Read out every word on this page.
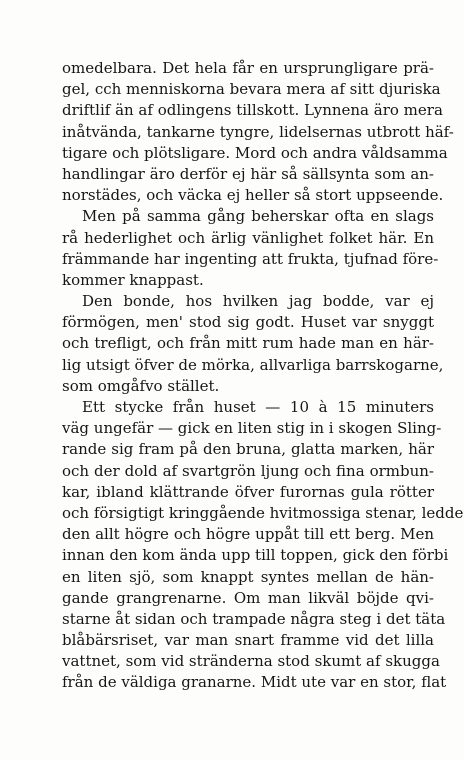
omedelbara. Det hela får en ursprungligare prä-
gel, cch menniskorna bevara mera af sitt djuriska
driftlif än af odlingens tillskott. Lynnena äro mera
inåtvända, tankarne tyngre, lidelsernas utbrott häf-
tigare och plötsligare. Mord och andra våldsamma
handlingar äro derför ej här så sällsynta som an-
norstädes, och väcka ej heller så stort uppseende.
Men på samma gång beherskar ofta en slags
rå hederlighet och ärlig vänlighet folket här. En
främmande har ingenting att frukta, tjufnad före-
kommer knappast.
Den bonde, hos hvilken jag bodde, var ej
förmögen, men' stod sig godt. Huset var snyggt
och trefligt, och från mitt rum hade man en här-
lig utsigt öfver de mörka, allvarliga barrskogarne,
som omgåfvo stället.
Ett stycke från huset — 10 à 15 minuters
väg ungefär — gick en liten stig in i skogen Sling-
rande sig fram på den bruna, glatta marken, här
och der dold af svartgrön ljung och fina ormbun-
kar, ibland klättrande öfver furornas gula rötter
och försigtigt kringgående hvitmossiga stenar, ledde
den allt högre och högre uppåt till ett berg. Men
innan den kom ända upp till toppen, gick den förbi
en liten sjö, som knappt syntes mellan de hän-
gande grangrenarne. Om man likväl böjde qvi-
starne åt sidan och trampade några steg i det täta
blåbärsriset, var man snart framme vid det lilla
vattnet, som vid stränderna stod skumt af skugga
från de väldiga granarne. Midt ute var en stor, flat
